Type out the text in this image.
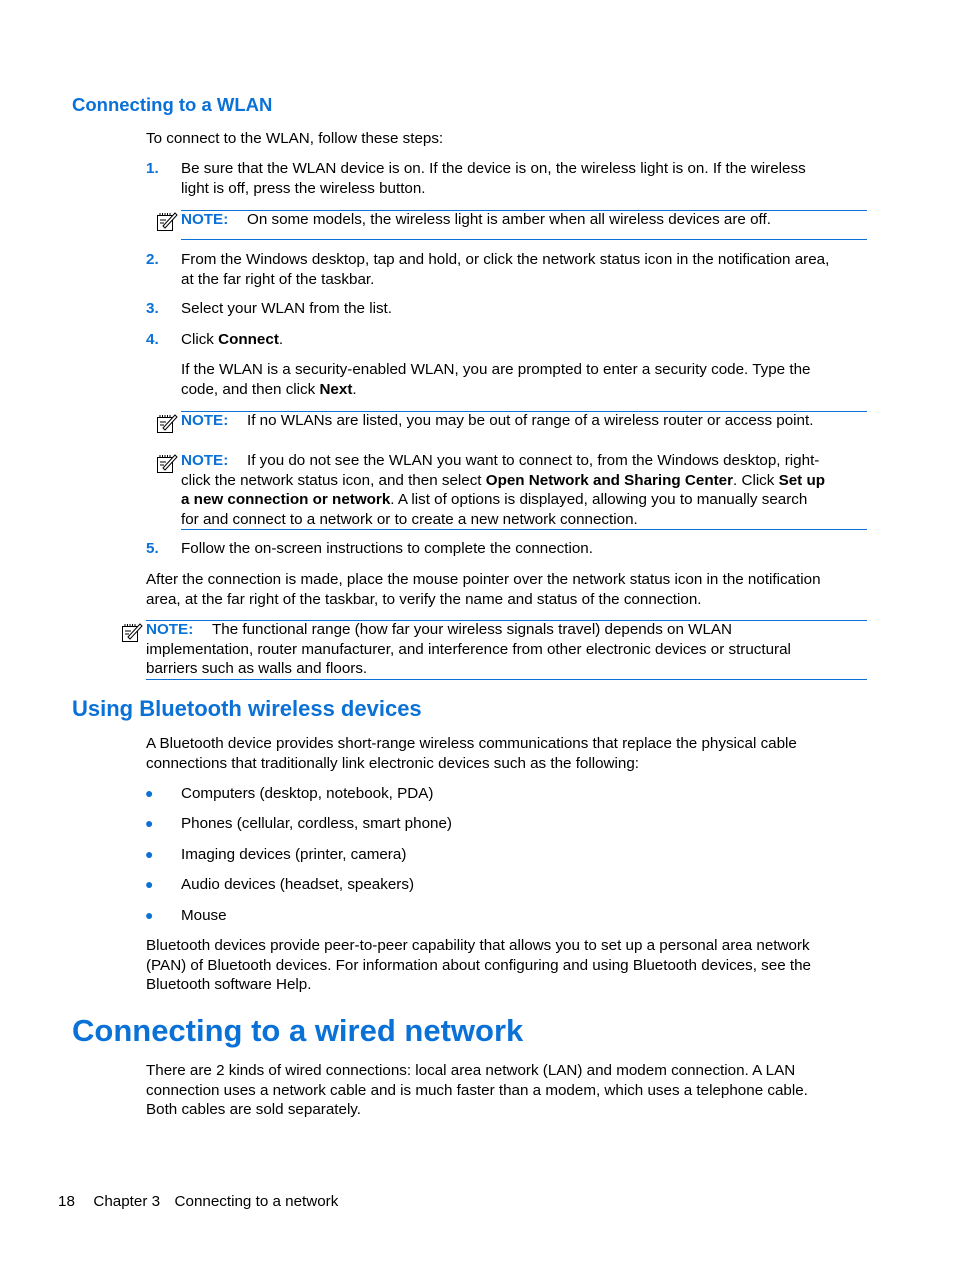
Connecting to a WLAN
To connect to the WLAN, follow these steps:
1. Be sure that the WLAN device is on. If the device is on, the wireless light is on. If the wireless
light is off, press the wireless button.
NOTE: On some models, the wireless light is amber when all wireless devices are off.
2. From the Windows desktop, tap and hold, or click the network status icon in the notification area,
at the far right of the taskbar.
3. Select your WLAN from the list.
4. Click Connect.
If the WLAN is a security-enabled WLAN, you are prompted to enter a security code. Type the
code, and then click Next.
NOTE: If no WLANs are listed, you may be out of range of a wireless router or access point.
NOTE: If you do not see the WLAN you want to connect to, from the Windows desktop, right-
click the network status icon, and then select Open Network and Sharing Center. Click Set up
a new connection or network. A list of options is displayed, allowing you to manually search
for and connect to a network or to create a new network connection.
5. Follow the on-screen instructions to complete the connection.
After the connection is made, place the mouse pointer over the network status icon in the notification
area, at the far right of the taskbar, to verify the name and status of the connection.
NOTE: The functional range (how far your wireless signals travel) depends on WLAN
implementation, router manufacturer, and interference from other electronic devices or structural
barriers such as walls and floors.
Using Bluetooth wireless devices
A Bluetooth device provides short-range wireless communications that replace the physical cable
connections that traditionally link electronic devices such as the following:
● Computers (desktop, notebook, PDA)
● Phones (cellular, cordless, smart phone)
● Imaging devices (printer, camera)
● Audio devices (headset, speakers)
● Mouse
Bluetooth devices provide peer-to-peer capability that allows you to set up a personal area network
(PAN) of Bluetooth devices. For information about configuring and using Bluetooth devices, see the
Bluetooth software Help.
Connecting to a wired network
There are 2 kinds of wired connections: local area network (LAN) and modem connection. A LAN
connection uses a network cable and is much faster than a modem, which uses a telephone cable.
Both cables are sold separately.
18 Chapter 3 Connecting to a network
